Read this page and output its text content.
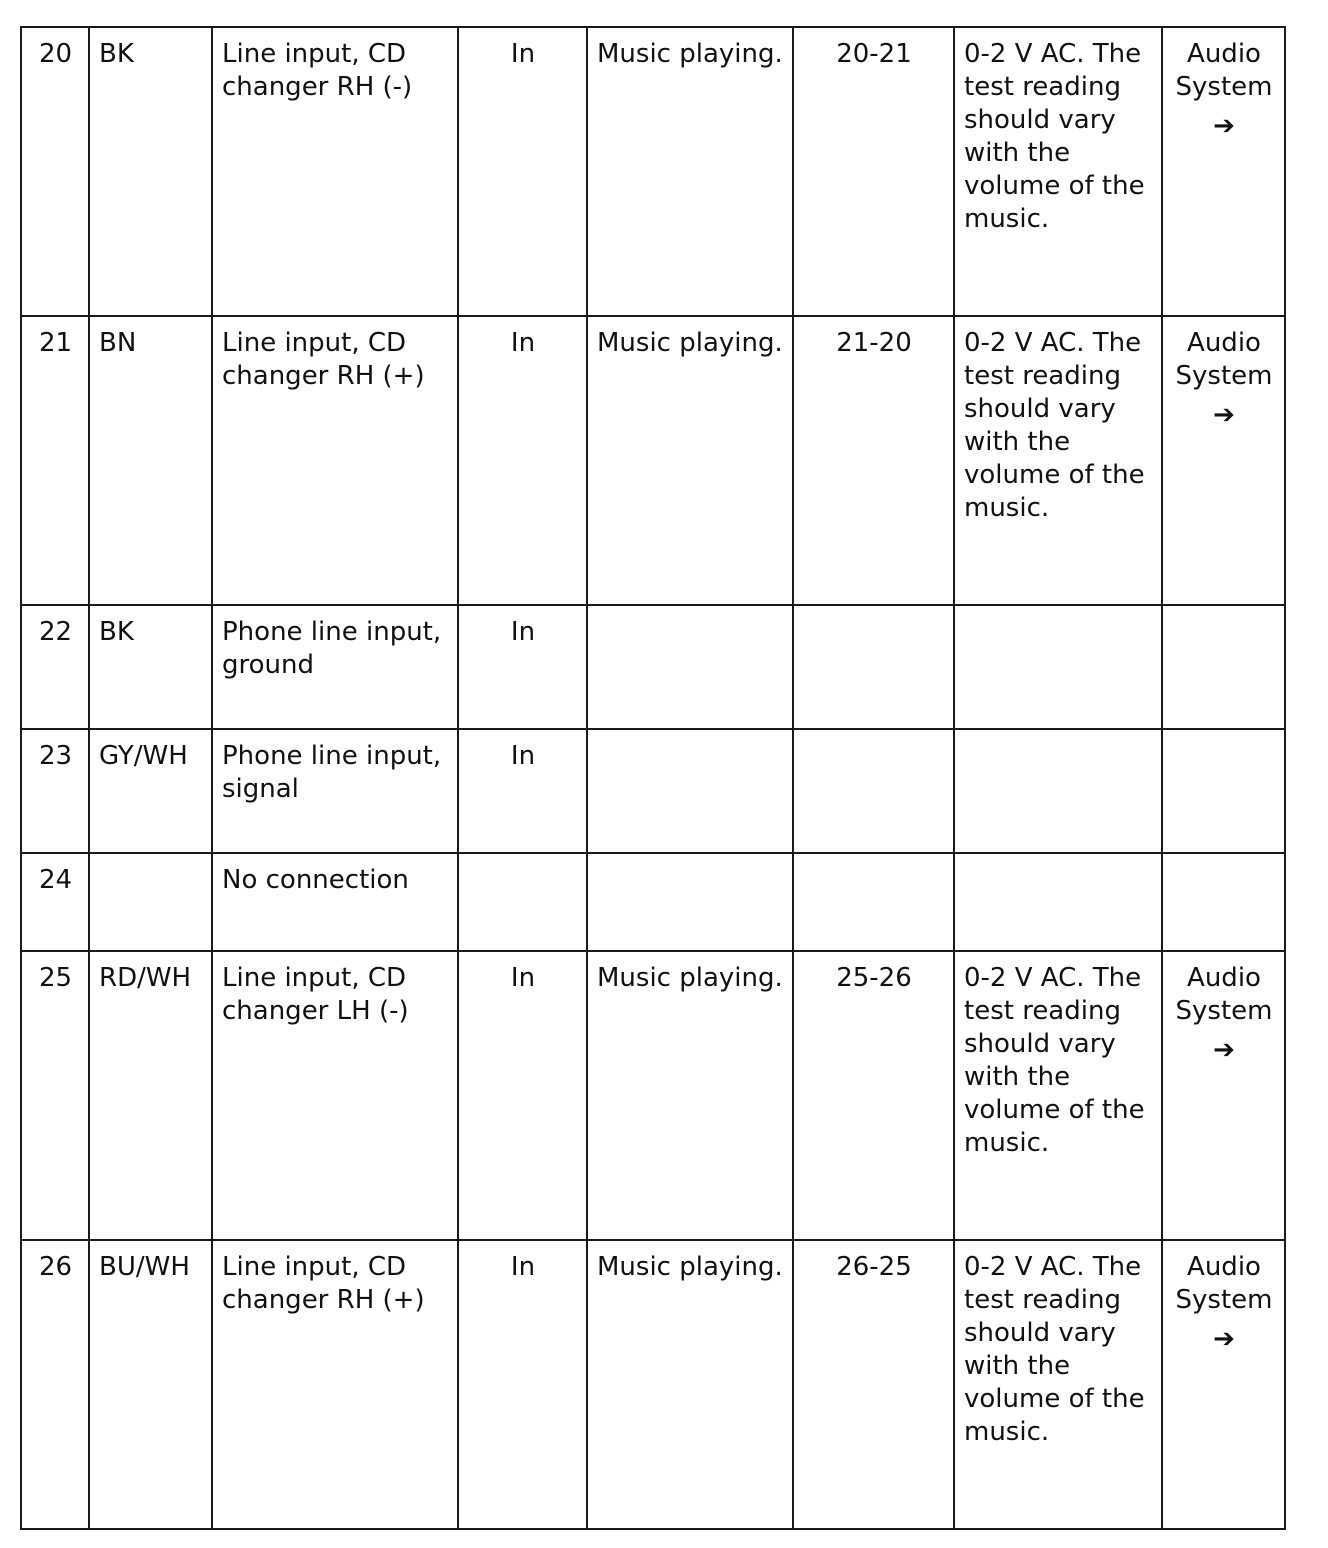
20	BK	Line input, CD changer RH (-)	In	Music playing.	20-21	0-2 V AC. The test reading should vary with the volume of the music.	Audio System
➔

21	BN	Line input, CD changer RH (+)	In	Music playing.	21-20	0-2 V AC. The test reading should vary with the volume of the music.	Audio System
➔

22	BK	Phone line input, ground	In				
23	GY/WH	Phone line input, signal	In				
24		No connection					
25	RD/WH	Line input, CD changer LH (-)	In	Music playing.	25-26	0-2 V AC. The test reading should vary with the volume of the music.	Audio System
➔

26	BU/WH	Line input, CD changer RH (+)	In	Music playing.	26-25	0-2 V AC. The test reading should vary with the volume of the music.	Audio System
➔
